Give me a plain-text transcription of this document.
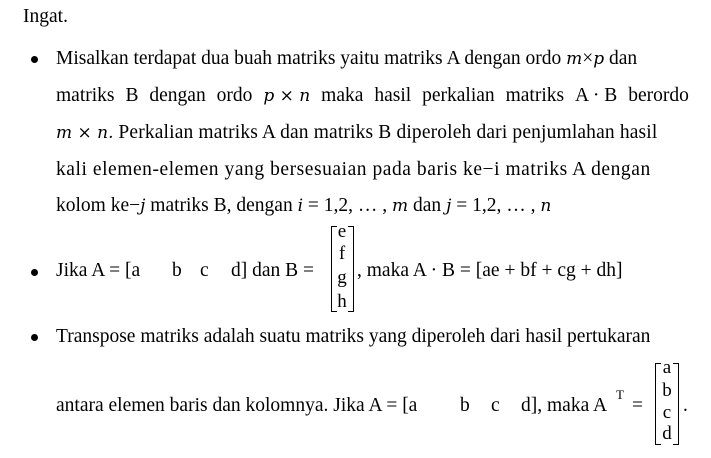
Ingat.
Misalkan terdapat dua buah matriks yaitu matriks A dengan ordo m×p dan
matriks B dengan ordo p × n maka hasil perkalian matriks A · B berordo
m × n. Perkalian matriks A dan matriks B diperoleh dari penjumlahan hasil
kali elemen-elemen yang bersesuaian pada baris ke−i matriks A dengan
kolom ke−j matriks B, dengan i = 1,2, … , m dan j = 1,2, … , n
Jika A = [a b c d] dan B =
e
f
g
h
, maka A · B = [ae + bf + cg + dh]
Transpose matriks adalah suatu matriks yang diperoleh dari hasil pertukaran
antara elemen baris dan kolomnya. Jika A = [a b c d], maka A
T
=
a
b
c
d
.
